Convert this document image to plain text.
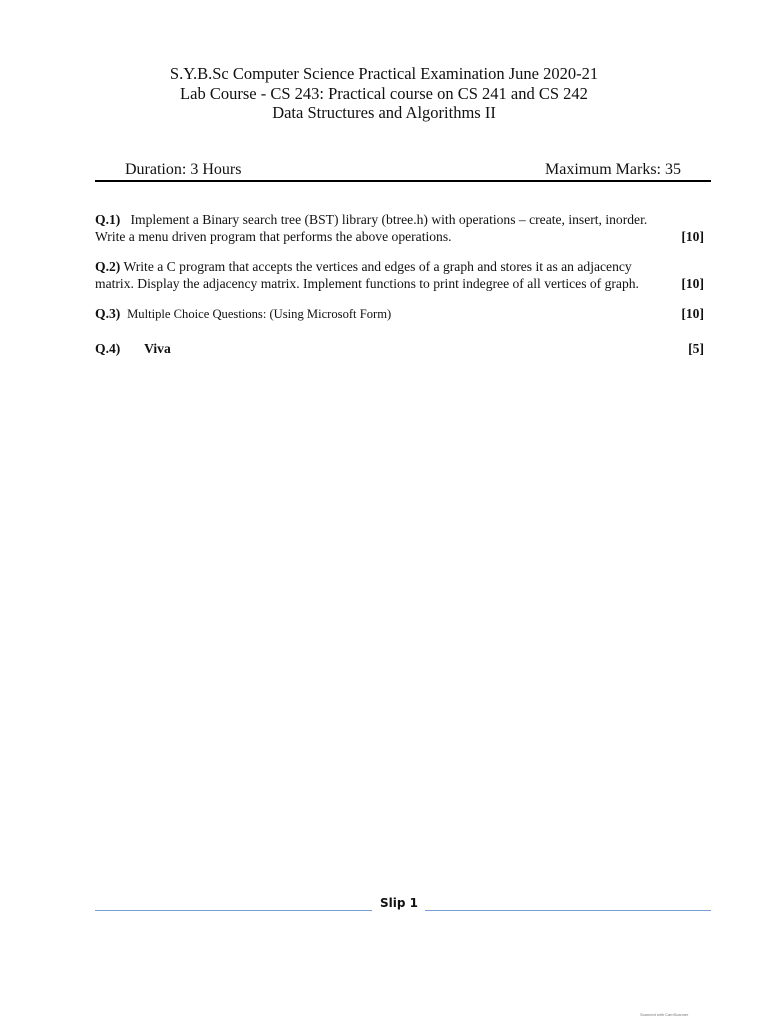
S.Y.B.Sc Computer Science Practical Examination June 2020-21
Lab Course - CS 243: Practical course on CS 241 and CS 242
Data Structures and Algorithms II
Duration: 3 Hours	Maximum Marks: 35
Q.1) Implement a Binary search tree (BST) library (btree.h) with operations – create, insert, inorder.
Write a menu driven program that performs the above operations.	[10]
Q.2) Write a C program that accepts the vertices and edges of a graph and stores it as an adjacency
matrix. Display the adjacency matrix. Implement functions to print indegree of all vertices of graph.	[10]
Q.3) Multiple Choice Questions: (Using Microsoft Form)	[10]
Q.4) Viva	[5]
Slip 1
Scanned with CamScanner
